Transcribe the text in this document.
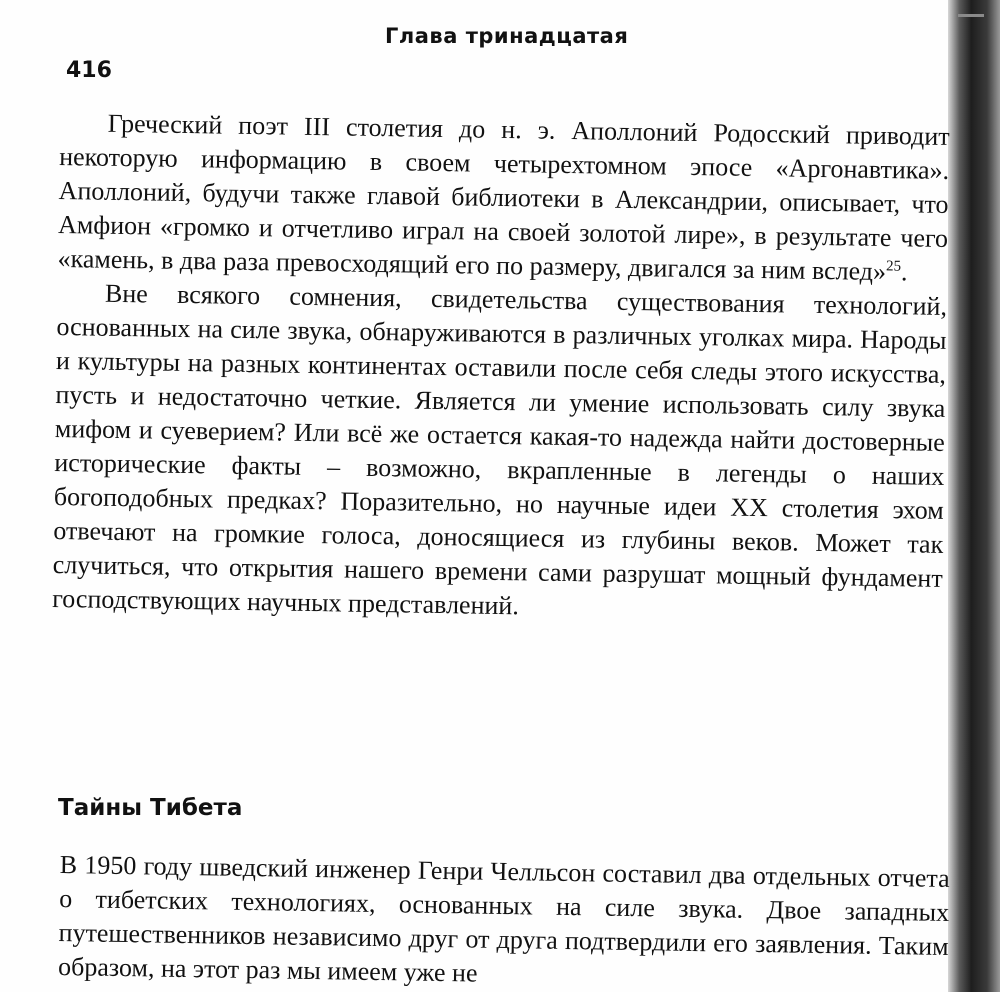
Глава тринадцатая
416

Греческий поэт III столетия до н. э. Аполлоний Родосский приводит некоторую информацию в своем четырехтомном эпосе «Аргонавтика». Аполлоний, будучи также главой библиотеки в Александрии, описывает, что Амфион «громко и отчетливо играл на своей золотой лире», в результате чего «камень, в два раза превосходящий его по размеру, двигался за ним вслед»$^{25}$.

Вне всякого сомнения, свидетельства существования технологий, основанных на силе звука, обнаруживаются в различных уголках мира. Народы и культуры на разных континентах оставили после себя следы этого искусства, пусть и недостаточно четкие. Является ли умение использовать силу звука мифом и суеверием? Или всё же остается какая-то надежда найти достоверные исторические факты – возможно, вкрапленные в легенды о наших богоподобных предках? Поразительно, но научные идеи XX столетия эхом отвечают на громкие голоса, доносящиеся из глубины веков. Может так случиться, что открытия нашего времени сами разрушат мощный фундамент господствующих научных представлений.

Тайны Тибета

В 1950 году шведский инженер Генри Челльсон составил два отдельных отчета о тибетских технологиях, основанных на силе звука. Двое западных путешественников независимо друг от друга подтвердили его заявления. Таким образом, на этот раз мы имеем уже не
